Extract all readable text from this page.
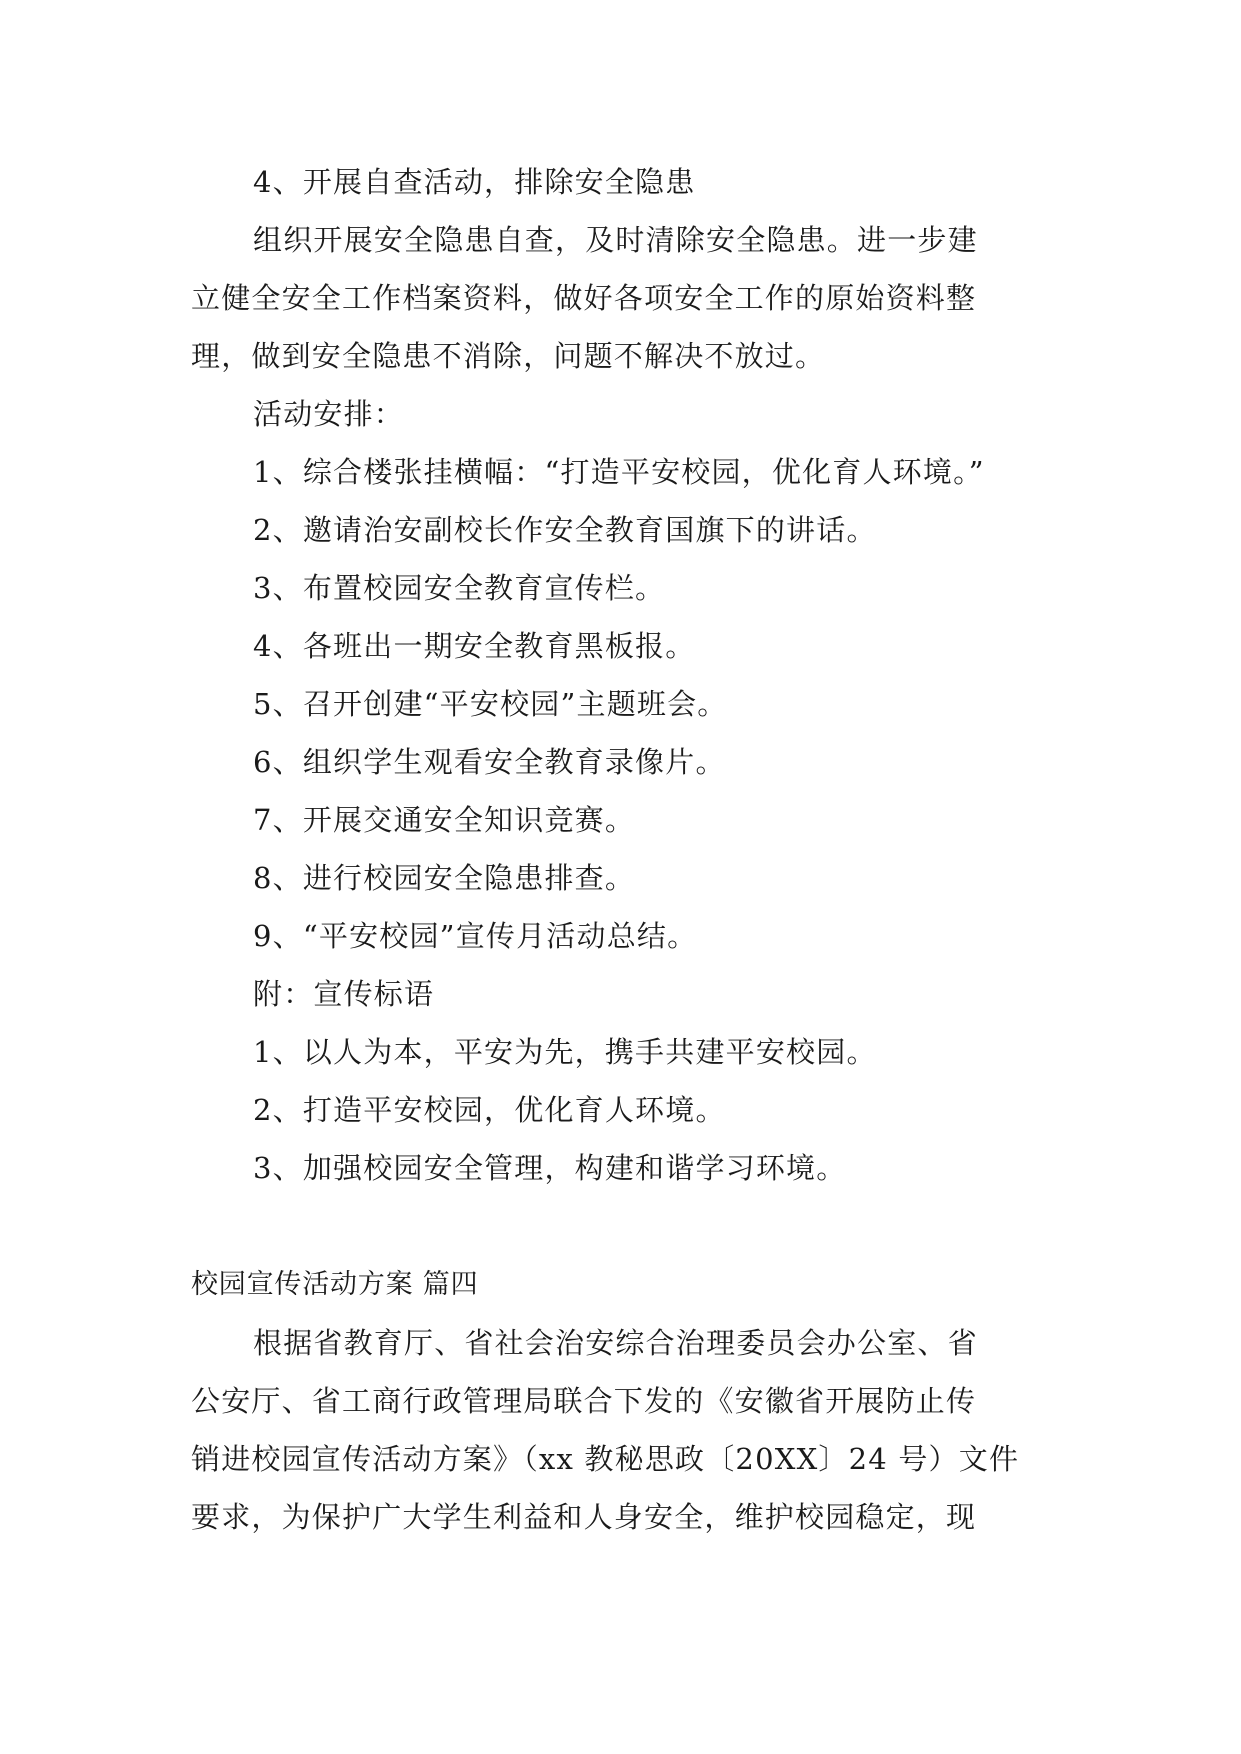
4、开展自查活动，排除安全隐患
组织开展安全隐患自查，及时清除安全隐患。进一步建
立健全安全工作档案资料，做好各项安全工作的原始资料整
理，做到安全隐患不消除，问题不解决不放过。
活动安排：
1、综合楼张挂横幅：“打造平安校园，优化育人环境。”
2、邀请治安副校长作安全教育国旗下的讲话。
3、布置校园安全教育宣传栏。
4、各班出一期安全教育黑板报。
5、召开创建“平安校园”主题班会。
6、组织学生观看安全教育录像片。
7、开展交通安全知识竞赛。
8、进行校园安全隐患排查。
9、“平安校园”宣传月活动总结。
附：宣传标语
1、以人为本，平安为先，携手共建平安校园。
2、打造平安校园，优化育人环境。
3、加强校园安全管理，构建和谐学习环境。
校园宣传活动方案 篇四
根据省教育厅、省社会治安综合治理委员会办公室、省
公安厅、省工商行政管理局联合下发的《安徽省开展防止传
销进校园宣传活动方案》（xx 教秘思政〔20XX〕24 号）文件
要求，为保护广大学生利益和人身安全，维护校园稳定，现
